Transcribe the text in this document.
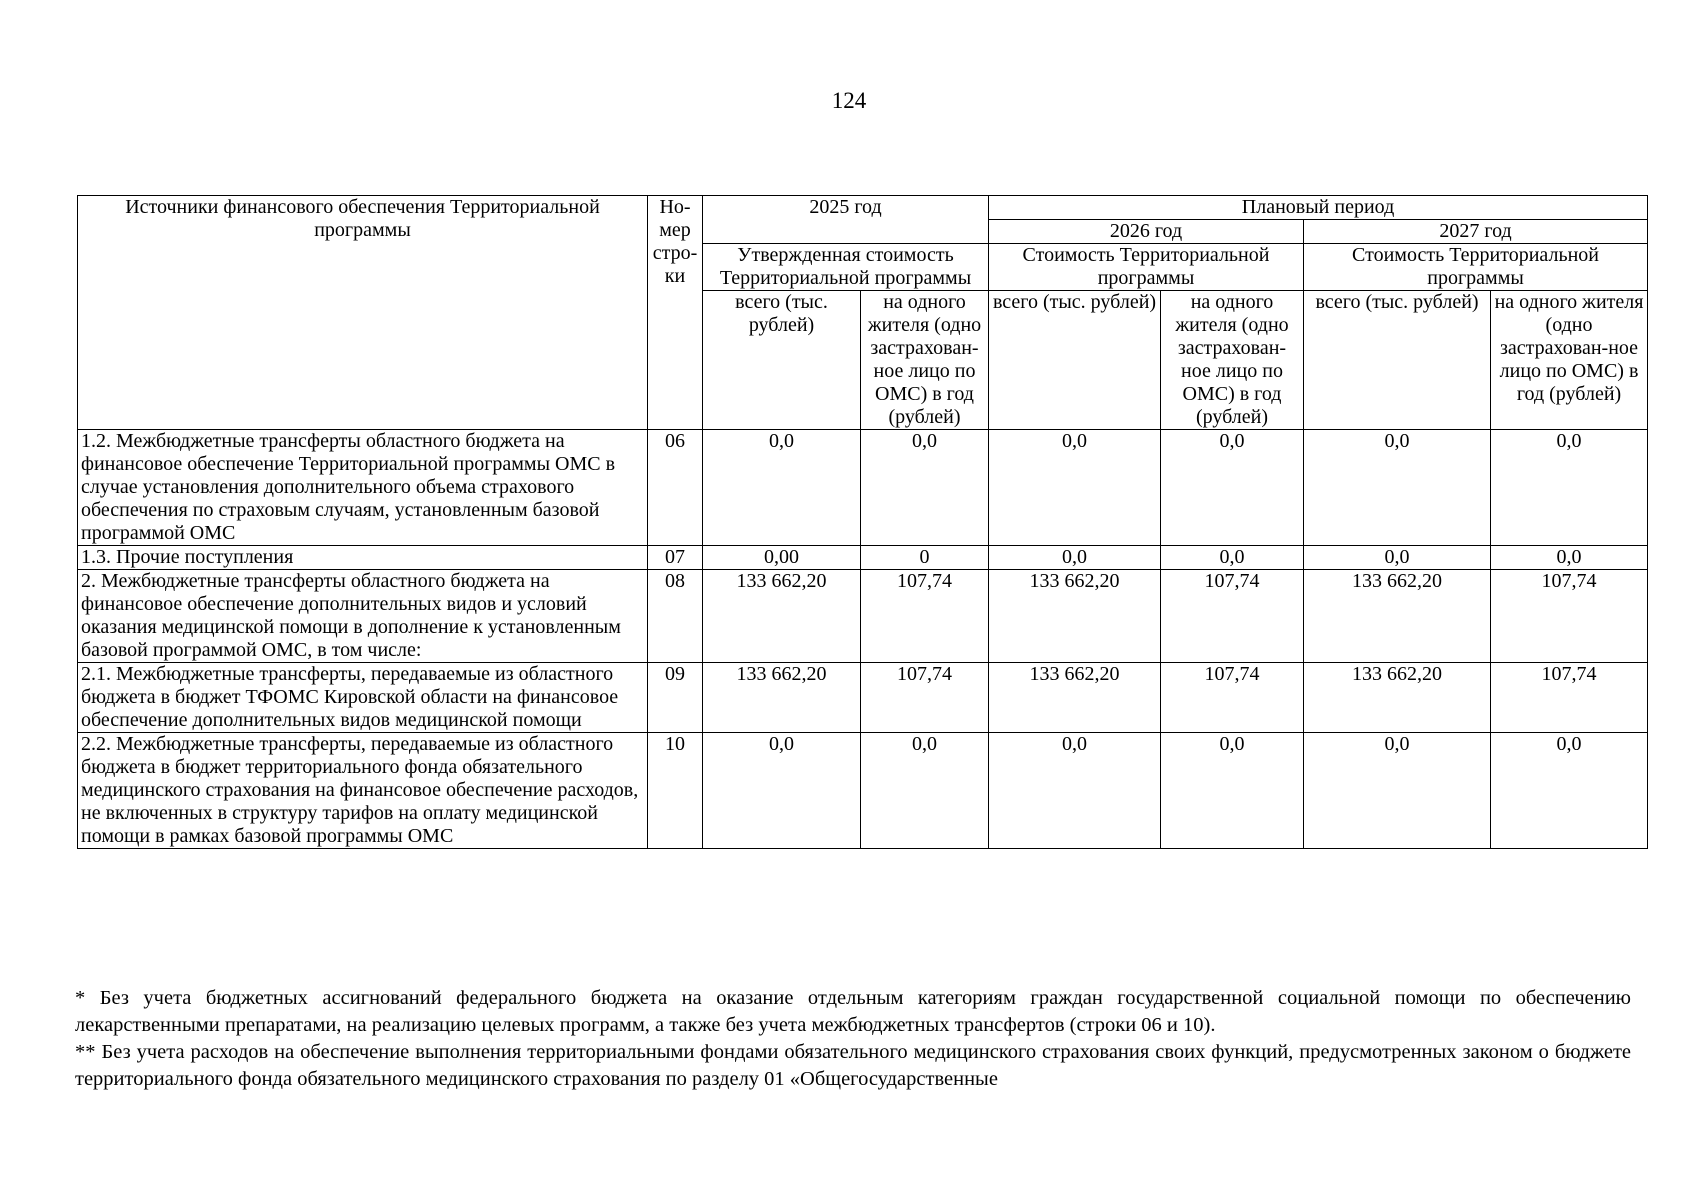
124
Источники финансового обеспечения Территориальной программы	Но-мер стро-ки	2025 год		Плановый период			
				2026 год		2027 год	
		Утвержденная стоимость Территориальной программы		Стоимость Территориальной программы		Стоимость Территориальной программы	
		всего (тыс. рублей)	на одного жителя (одно застрахован-ное лицо по ОМС) в год (рублей)	всего (тыс. рублей)	на одного жителя (одно застрахован-ное лицо по ОМС) в год (рублей)	всего (тыс. рублей)	на одного жителя (одно застрахован-ное лицо по ОМС) в год (рублей)
1.2. Межбюджетные трансферты областного бюджета на финансовое обеспечение Территориальной программы ОМС в случае установления дополнительного объема страхового обеспечения по страховым случаям, установленным базовой программой ОМС	06	0,0	0,0	0,0	0,0	0,0	0,0
1.3. Прочие поступления	07	0,00	0	0,0	0,0	0,0	0,0
2. Межбюджетные трансферты областного бюджета на финансовое обеспечение дополнительных видов и условий оказания медицинской помощи в дополнение к установленным базовой программой ОМС, в том числе:	08	133 662,20	107,74	133 662,20	107,74	133 662,20	107,74
2.1. Межбюджетные трансферты, передаваемые из областного бюджета в бюджет ТФОМС Кировской области на финансовое обеспечение дополнительных видов медицинской помощи	09	133 662,20	107,74	133 662,20	107,74	133 662,20	107,74
2.2. Межбюджетные трансферты, передаваемые из областного бюджета в бюджет территориального фонда обязательного медицинского страхования на финансовое обеспечение расходов, не включенных в структуру тарифов на оплату медицинской помощи в рамках базовой программы ОМС	10	0,0	0,0	0,0	0,0	0,0	0,0

* Без учета бюджетных ассигнований федерального бюджета на оказание отдельным категориям граждан государственной социальной помощи по обеспечению лекарственными препаратами, на реализацию целевых программ, а также без учета межбюджетных трансфертов (строки 06 и 10).

** Без учета расходов на обеспечение выполнения территориальными фондами обязательного медицинского страхования своих функций, предусмотренных законом о бюджете территориального фонда обязательного медицинского страхования по разделу 01 «Общегосударственные
